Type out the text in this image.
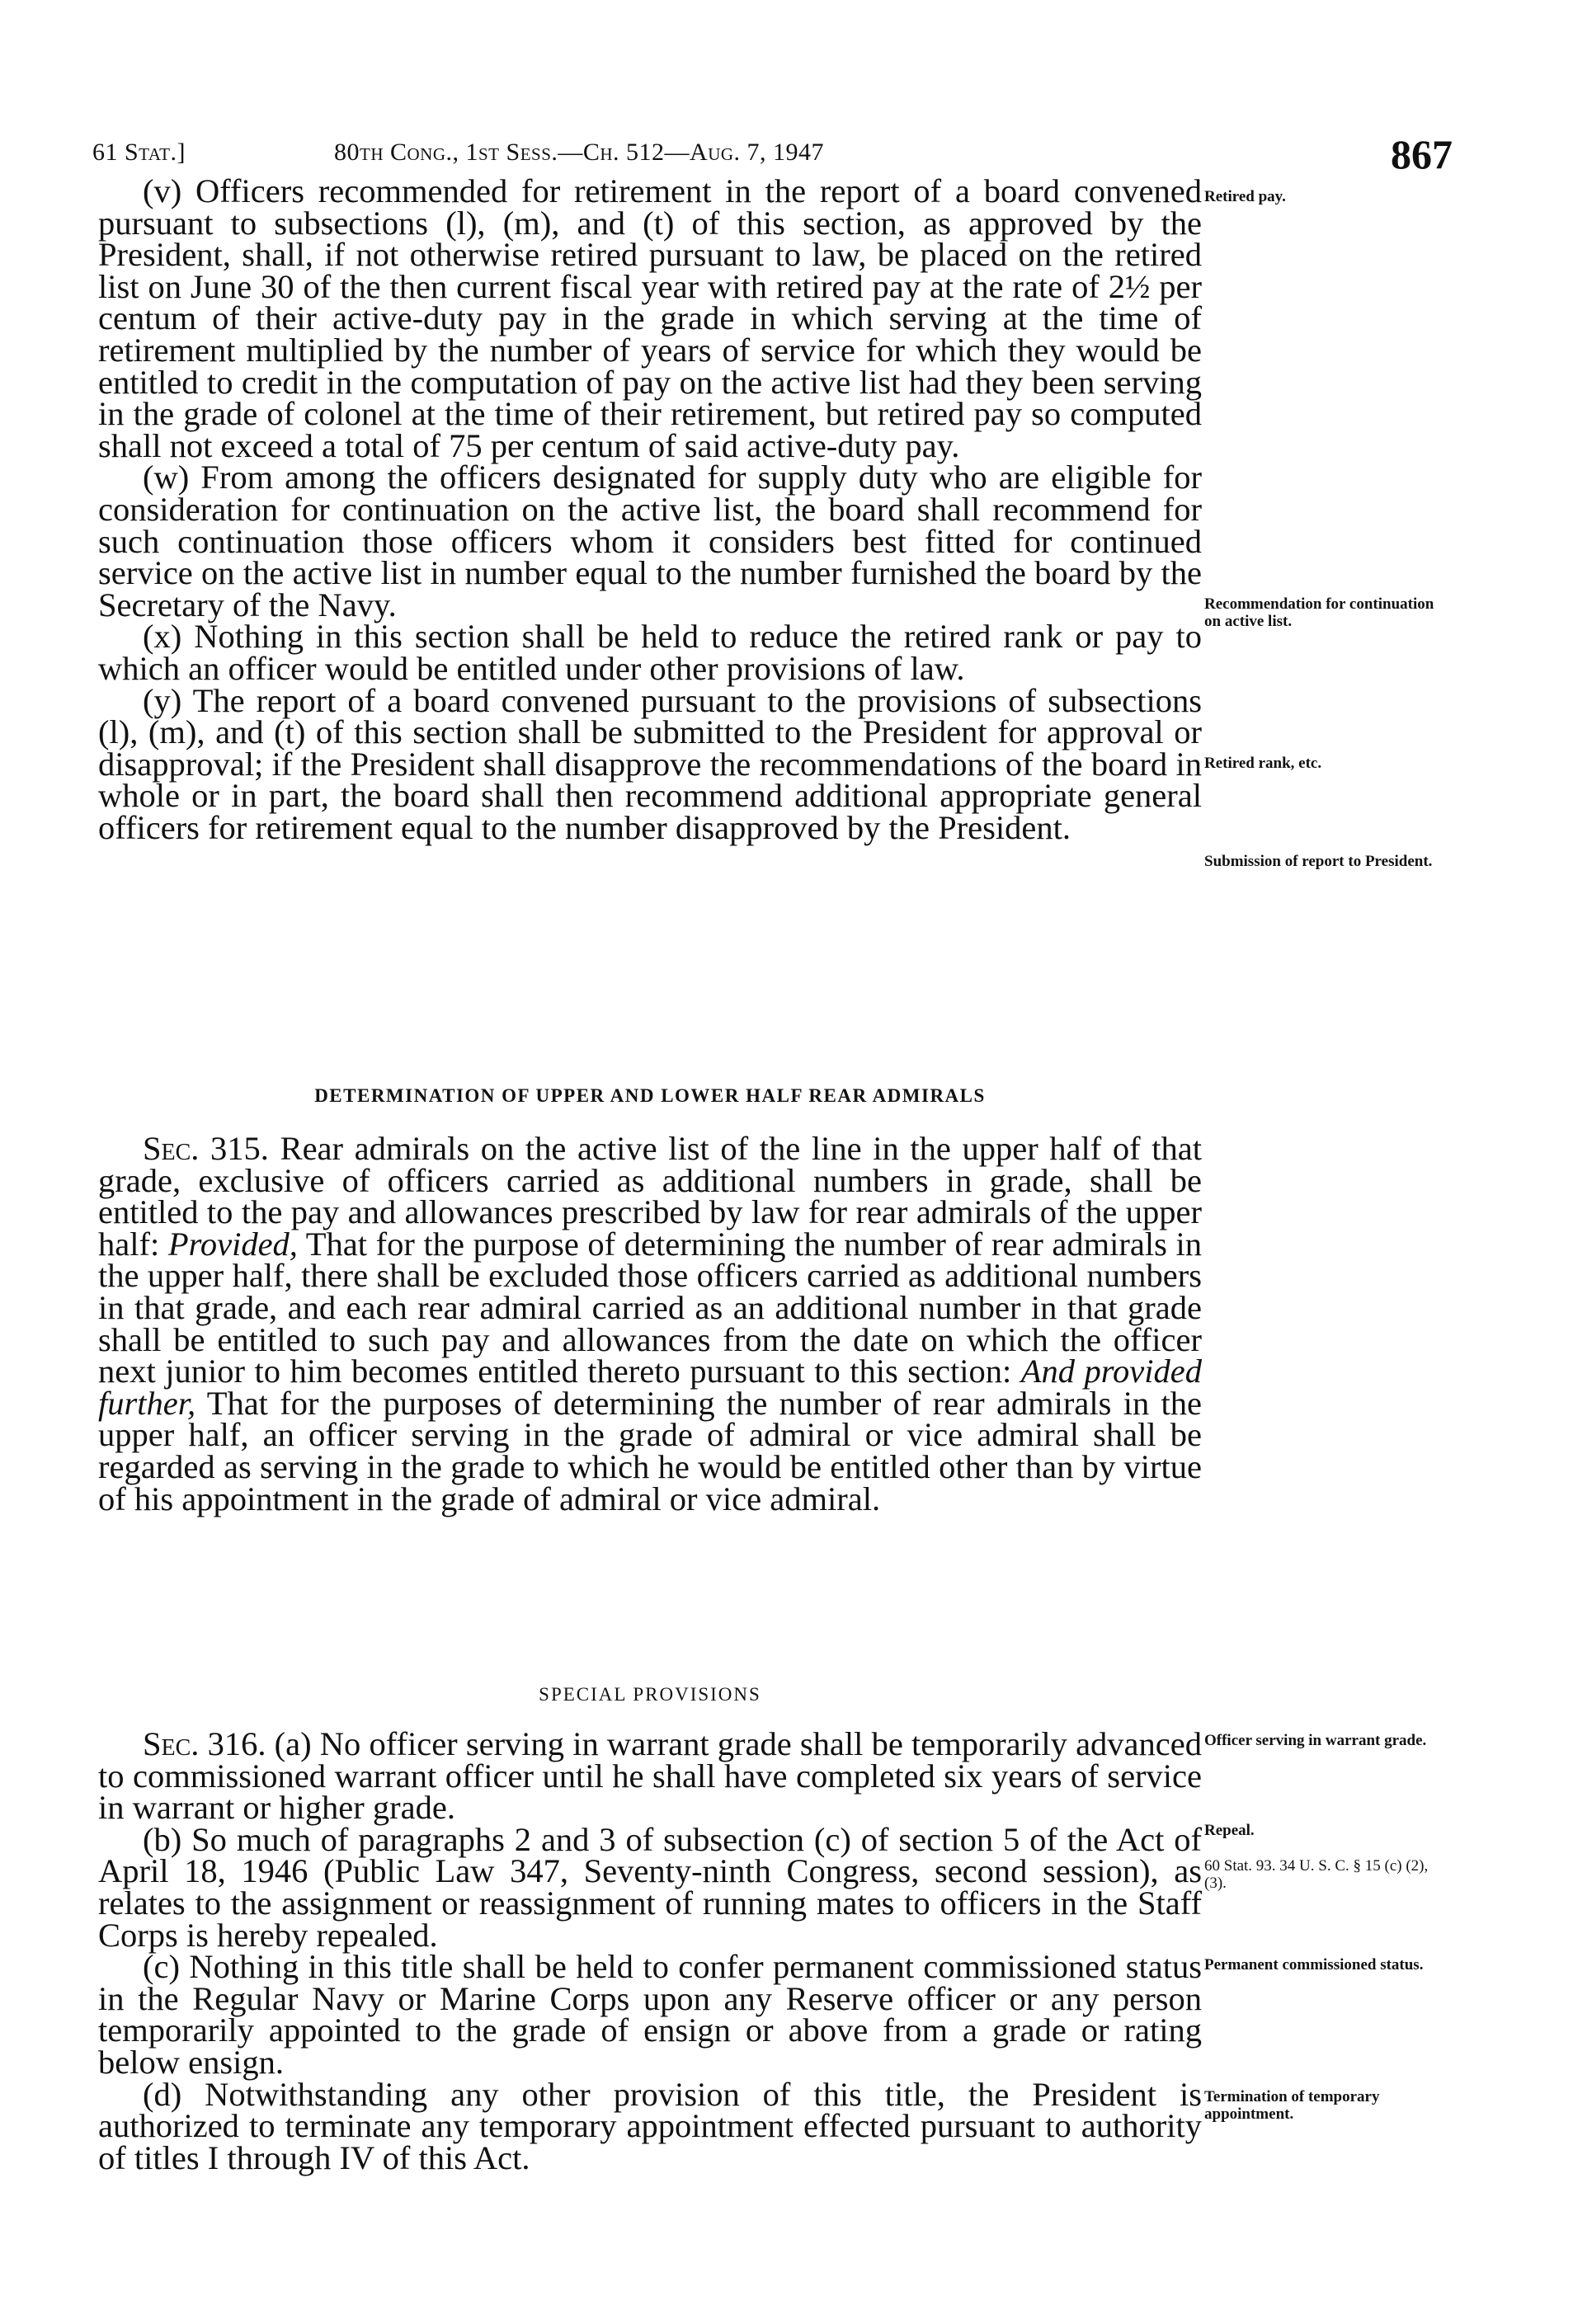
61 Stat.]	80th Cong., 1st Sess.—Ch. 512—Aug. 7, 1947	867

(v) Officers recommended for retirement in the report of a board convened pursuant to subsections (l), (m), and (t) of this section, as approved by the President, shall, if not otherwise retired pursuant to law, be placed on the retired list on June 30 of the then current fiscal year with retired pay at the rate of 2½ per centum of their active-duty pay in the grade in which serving at the time of retirement multiplied by the number of years of service for which they would be entitled to credit in the computation of pay on the active list had they been serving in the grade of colonel at the time of their retirement, but retired pay so computed shall not exceed a total of 75 per centum of said active-duty pay.

(w) From among the officers designated for supply duty who are eligible for consideration for continuation on the active list, the board shall recommend for such continuation those officers whom it considers best fitted for continued service on the active list in number equal to the number furnished the board by the Secretary of the Navy.

(x) Nothing in this section shall be held to reduce the retired rank or pay to which an officer would be entitled under other provisions of law.

(y) The report of a board convened pursuant to the provisions of subsections (l), (m), and (t) of this section shall be submitted to the President for approval or disapproval; if the President shall disapprove the recommendations of the board in whole or in part, the board shall then recommend additional appropriate general officers for retirement equal to the number disapproved by the President.

DETERMINATION OF UPPER AND LOWER HALF REAR ADMIRALS

Sec. 315. Rear admirals on the active list of the line in the upper half of that grade, exclusive of officers carried as additional numbers in grade, shall be entitled to the pay and allowances prescribed by law for rear admirals of the upper half: Provided, That for the purpose of determining the number of rear admirals in the upper half, there shall be excluded those officers carried as additional numbers in that grade, and each rear admiral carried as an additional number in that grade shall be entitled to such pay and allowances from the date on which the officer next junior to him becomes entitled thereto pursuant to this section: And provided further, That for the purposes of determining the number of rear admirals in the upper half, an officer serving in the grade of admiral or vice admiral shall be regarded as serving in the grade to which he would be entitled other than by virtue of his appointment in the grade of admiral or vice admiral.

SPECIAL PROVISIONS

Sec. 316. (a) No officer serving in warrant grade shall be temporarily advanced to commissioned warrant officer until he shall have completed six years of service in warrant or higher grade.

(b) So much of paragraphs 2 and 3 of subsection (c) of section 5 of the Act of April 18, 1946 (Public Law 347, Seventy-ninth Congress, second session), as relates to the assignment or reassignment of running mates to officers in the Staff Corps is hereby repealed.

(c) Nothing in this title shall be held to confer permanent commissioned status in the Regular Navy or Marine Corps upon any Reserve officer or any person temporarily appointed to the grade of ensign or above from a grade or rating below ensign.

(d) Notwithstanding any other provision of this title, the President is authorized to terminate any temporary appointment effected pursuant to authority of titles I through IV of this Act.

Retired pay.
Recommendation for continuation on active list.
Retired rank, etc.
Submission of report to President.
Officer serving in warrant grade.
Repeal.
60 Stat. 93. 34 U. S. C. § 15 (c) (2), (3).
Permanent commissioned status.
Termination of temporary appointment.
